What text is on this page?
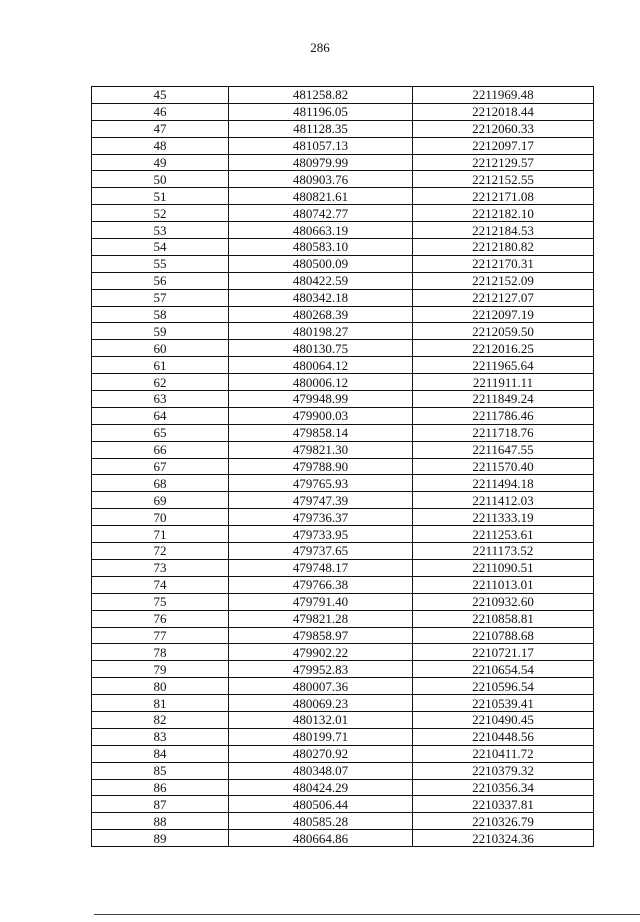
286
45	481258.82	2211969.48
46	481196.05	2212018.44
47	481128.35	2212060.33
48	481057.13	2212097.17
49	480979.99	2212129.57
50	480903.76	2212152.55
51	480821.61	2212171.08
52	480742.77	2212182.10
53	480663.19	2212184.53
54	480583.10	2212180.82
55	480500.09	2212170.31
56	480422.59	2212152.09
57	480342.18	2212127.07
58	480268.39	2212097.19
59	480198.27	2212059.50
60	480130.75	2212016.25
61	480064.12	2211965.64
62	480006.12	2211911.11
63	479948.99	2211849.24
64	479900.03	2211786.46
65	479858.14	2211718.76
66	479821.30	2211647.55
67	479788.90	2211570.40
68	479765.93	2211494.18
69	479747.39	2211412.03
70	479736.37	2211333.19
71	479733.95	2211253.61
72	479737.65	2211173.52
73	479748.17	2211090.51
74	479766.38	2211013.01
75	479791.40	2210932.60
76	479821.28	2210858.81
77	479858.97	2210788.68
78	479902.22	2210721.17
79	479952.83	2210654.54
80	480007.36	2210596.54
81	480069.23	2210539.41
82	480132.01	2210490.45
83	480199.71	2210448.56
84	480270.92	2210411.72
85	480348.07	2210379.32
86	480424.29	2210356.34
87	480506.44	2210337.81
88	480585.28	2210326.79
89	480664.86	2210324.36
